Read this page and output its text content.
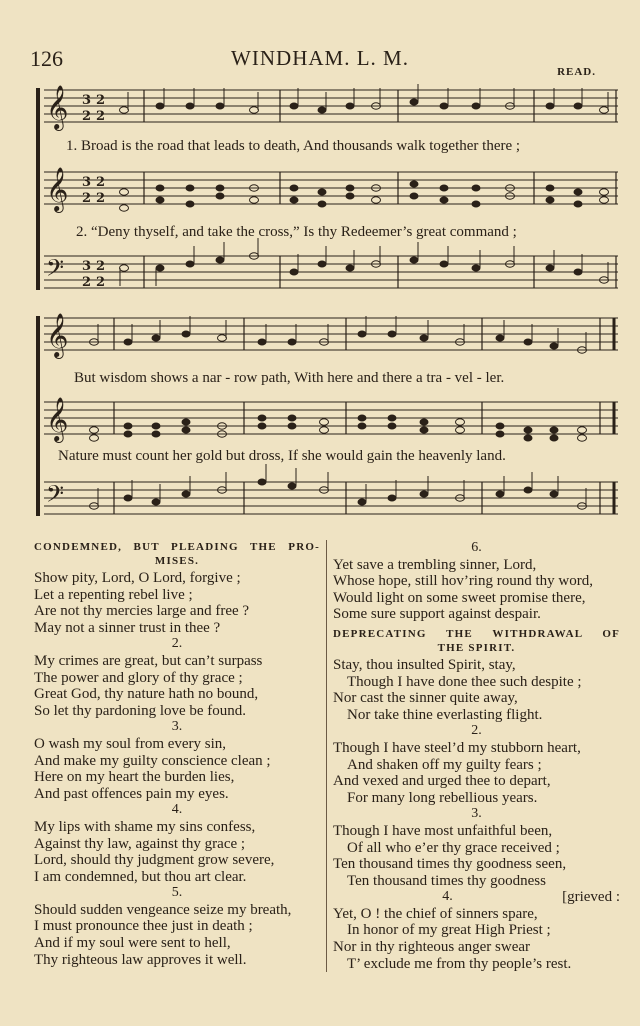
126	WINDHAM. L. M.
READ.
𝄞
𝄞
𝄢
3
2
2
2
3
2
2
2
3
2
2
2
1. Broad is the road that leads to death, And thousands walk together there ;
2. “Deny thyself, and take the cross,” Is thy Redeemer’s great command ;
𝄞
𝄞
𝄢
But wisdom shows a nar - row path, With here and there a tra - vel - ler.
Nature must count her gold but dross, If she would gain the heavenly land.
CONDEMNED, BUT PLEADING THE PRO-
MISES.
Show pity, Lord, O Lord, forgive ;
Let a repenting rebel live ;
Are not thy mercies large and free ?
May not a sinner trust in thee ?
2.
My crimes are great, but can’t surpass
The power and glory of thy grace ;
Great God, thy nature hath no bound,
So let thy pardoning love be found.
3.
O wash my soul from every sin,
And make my guilty conscience clean ;
Here on my heart the burden lies,
And past offences pain my eyes.
4.
My lips with shame my sins confess,
Against thy law, against thy grace ;
Lord, should thy judgment grow severe,
I am condemned, but thou art clear.
5.
Should sudden vengeance seize my breath,
I must pronounce thee just in death ;
And if my soul were sent to hell,
Thy righteous law approves it well.
6.
Yet save a trembling sinner, Lord,
Whose hope, still hov’ring round thy word,
Would light on some sweet promise there,
Some sure support against despair.
DEPRECATING THE WITHDRAWAL OF
THE SPIRIT.
Stay, thou insulted Spirit, stay,
Though I have done thee such despite ;
Nor cast the sinner quite away,
Nor take thine everlasting flight.
2.
Though I have steel’d my stubborn heart,
And shaken off my guilty fears ;
And vexed and urged thee to depart,
For many long rebellious years.
3.
Though I have most unfaithful been,
Of all who e’er thy grace received ;
Ten thousand times thy goodness seen,
Ten thousand times thy goodness
4.	[grieved :
Yet, O ! the chief of sinners spare,
In honor of my great High Priest ;
Nor in thy righteous anger swear
T’ exclude me from thy people’s rest.
